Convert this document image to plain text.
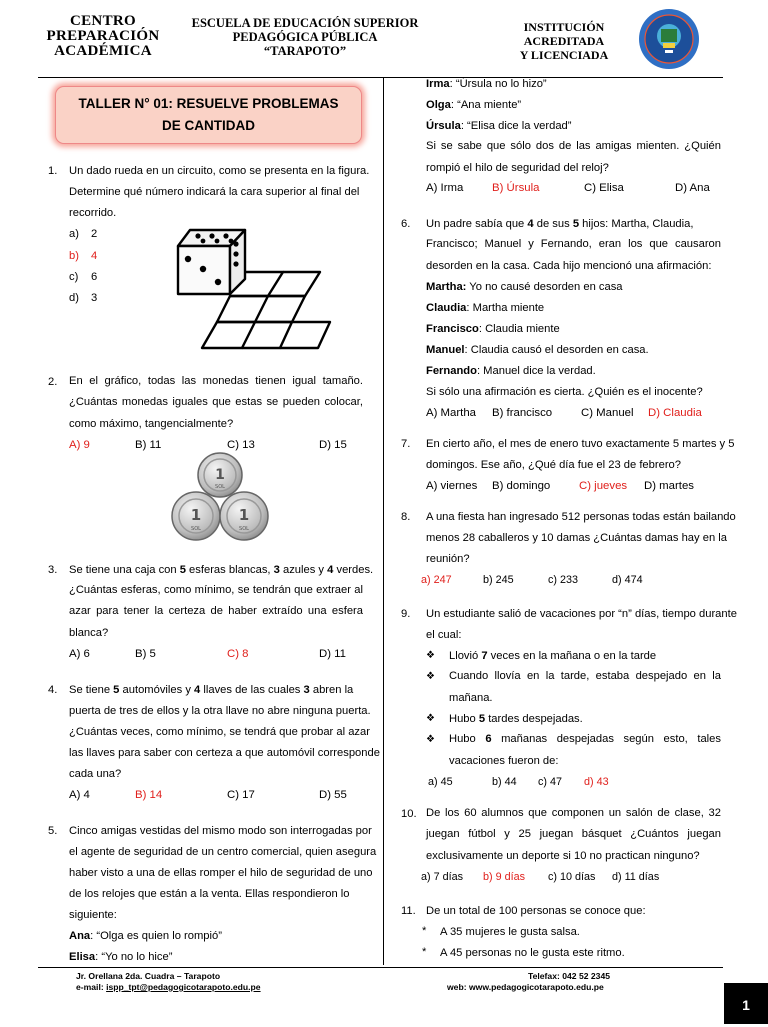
CENTRO
PREPARACIÓN
ACADÉMICA
ESCUELA DE EDUCACIÓN SUPERIOR
PEDAGÓGICA PÚBLICA
“TARAPOTO”
INSTITUCIÓN
ACREDITADA
Y LICENCIADA
TALLER N° 01: RESUELVE PROBLEMAS
DE CANTIDAD
1. Un dado rueda en un circuito, como se presenta en la figura.
Determine qué número indicará la cara superior al final del
recorrido.
a) 2
b) 4
c) 6
d) 3
2. En el gráfico, todas las monedas tienen igual tamaño.
¿Cuántas monedas iguales que estas se pueden colocar,
como máximo, tangencialmente?
A) 9	B) 11	C) 13	D) 15
1
SOL
1
SOL
1
SOL
3. Se tiene una caja con 5 esferas blancas, 3 azules y 4 verdes.
¿Cuántas esferas, como mínimo, se tendrán que extraer al
azar para tener la certeza de haber extraído una esfera
blanca?
A) 6	B) 5	C) 8	D) 11
4. Se tiene 5 automóviles y 4 llaves de las cuales 3 abren la
puerta de tres de ellos y la otra llave no abre ninguna puerta.
¿Cuántas veces, como mínimo, se tendrá que probar al azar
las llaves para saber con certeza a que automóvil corresponde
cada una?
A) 4	B) 14	C) 17	D) 55
5. Cinco amigas vestidas del mismo modo son interrogadas por
el agente de seguridad de un centro comercial, quien asegura
haber visto a una de ellas romper el hilo de seguridad de uno
de los relojes que están a la venta. Ellas respondieron lo
siguiente:
Ana: “Olga es quien lo rompió”
Elisa: “Yo no lo hice”
Irma: “Úrsula no lo hizo”
Olga: “Ana miente”
Úrsula: “Elisa dice la verdad”
Si se sabe que sólo dos de las amigas mienten. ¿Quién
rompió el hilo de seguridad del reloj?
A) Irma	B) Úrsula	C) Elisa	D) Ana
6. Un padre sabía que 4 de sus 5 hijos: Martha, Claudia,
Francisco; Manuel y Fernando, eran los que causaron
desorden en la casa. Cada hijo mencionó una afirmación:
Martha: Yo no causé desorden en casa
Claudia: Martha miente
Francisco: Claudia miente
Manuel: Claudia causó el desorden en casa.
Fernando: Manuel dice la verdad.
Si sólo una afirmación es cierta. ¿Quién es el inocente?
A) Martha B) francisco	C) Manuel D) Claudia
7. En cierto año, el mes de enero tuvo exactamente 5 martes y 5
domingos. Ese año, ¿Qué día fue el 23 de febrero?
A) viernes B) domingo	C) jueves D) martes
8. A una fiesta han ingresado 512 personas todas están bailando
menos 28 caballeros y 10 damas ¿Cuántas damas hay en la
reunión?
a) 247	b) 245	c) 233	d) 474
9. Un estudiante salió de vacaciones por “n” días, tiempo durante
el cual:
❖ Llovió 7 veces en la mañana o en la tarde
❖ Cuando llovía en la tarde, estaba despejado en la
mañana.
❖ Hubo 5 tardes despejadas.
❖ Hubo 6 mañanas despejadas según esto, tales
vacaciones fueron de:
a) 45	b) 44 c) 47 d) 43
10. De los 60 alumnos que componen un salón de clase, 32
juegan fútbol y 25 juegan básquet ¿Cuántos juegan
exclusivamente un deporte si 10 no practican ninguno?
a) 7 días b) 9 días c) 10 días d) 11 días
11. De un total de 100 personas se conoce que:
* A 35 mujeres le gusta salsa.
* A 45 personas no le gusta este ritmo.
Jr. Orellana 2da. Cuadra – Tarapoto
e-mail: ispp_tpt@pedagogicotarapoto.edu.pe
Telefax: 042 52 2345
web: www.pedagogicotarapoto.edu.pe
1
